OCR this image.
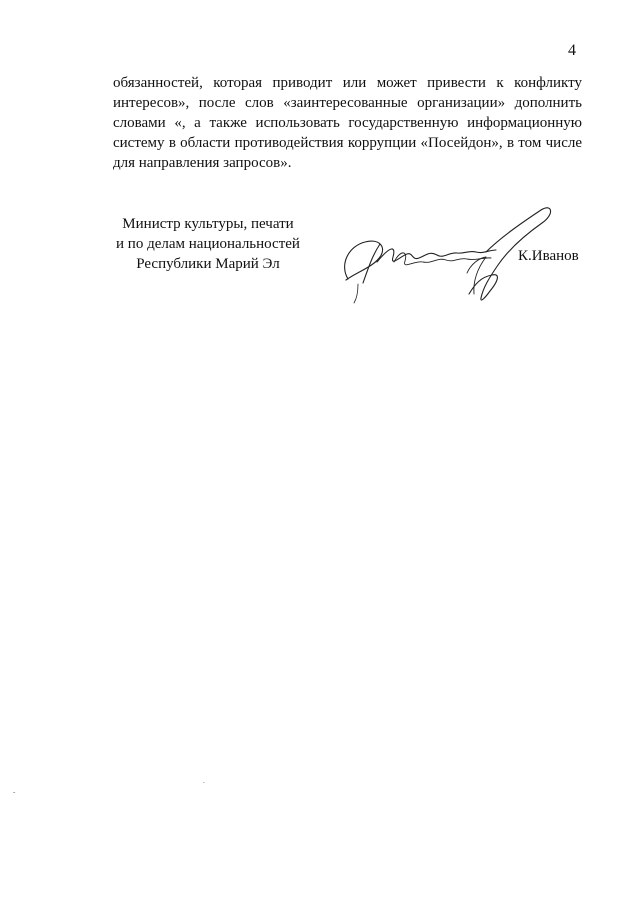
4
обязанностей, которая приводит или может привести к конфликту
интересов», после слов «заинтересованные организации» дополнить
словами «, а также использовать государственную информационную
систему в области противодействия коррупции «Посейдон», в том числе
для направления запросов».
Министр культуры, печати
и по делам национальностей
Республики Марий Эл	К.Иванов
.
ˇ
